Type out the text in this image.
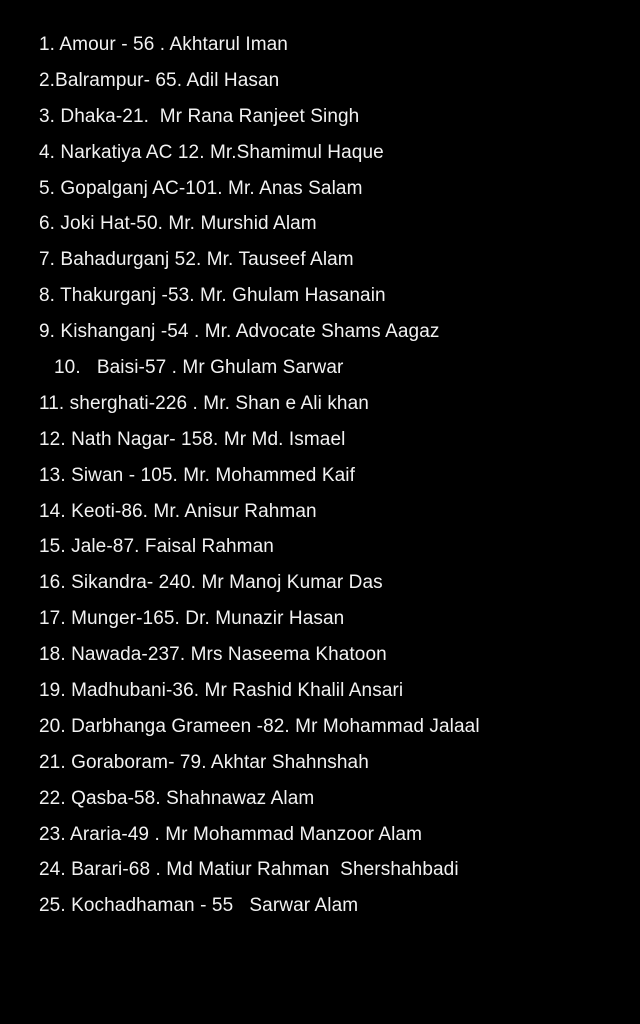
1. Amour - 56 . Akhtarul Iman
2.Balrampur- 65. Adil Hasan
3. Dhaka-21.  Mr Rana Ranjeet Singh
4. Narkatiya AC 12. Mr.Shamimul Haque
5. Gopalganj AC-101. Mr. Anas Salam
6. Joki Hat-50. Mr. Murshid Alam
7. Bahadurganj 52. Mr. Tauseef Alam
8. Thakurganj -53. Mr. Ghulam Hasanain
9. Kishanganj -54 . Mr. Advocate Shams Aagaz
10.   Baisi-57 . Mr Ghulam Sarwar
11. sherghati-226 . Mr. Shan e Ali khan
12. Nath Nagar- 158. Mr Md. Ismael
13. Siwan - 105. Mr. Mohammed Kaif
14. Keoti-86. Mr. Anisur Rahman
15. Jale-87. Faisal Rahman
16. Sikandra- 240. Mr Manoj Kumar Das
17. Munger-165. Dr. Munazir Hasan
18. Nawada-237. Mrs Naseema Khatoon
19. Madhubani-36. Mr Rashid Khalil Ansari
20. Darbhanga Grameen -82. Mr Mohammad Jalaal
21. Goraboram- 79. Akhtar Shahnshah
22. Qasba-58. Shahnawaz Alam
23. Araria-49 . Mr Mohammad Manzoor Alam
24. Barari-68 . Md Matiur Rahman  Shershahbadi
25. Kochadhaman - 55   Sarwar Alam
